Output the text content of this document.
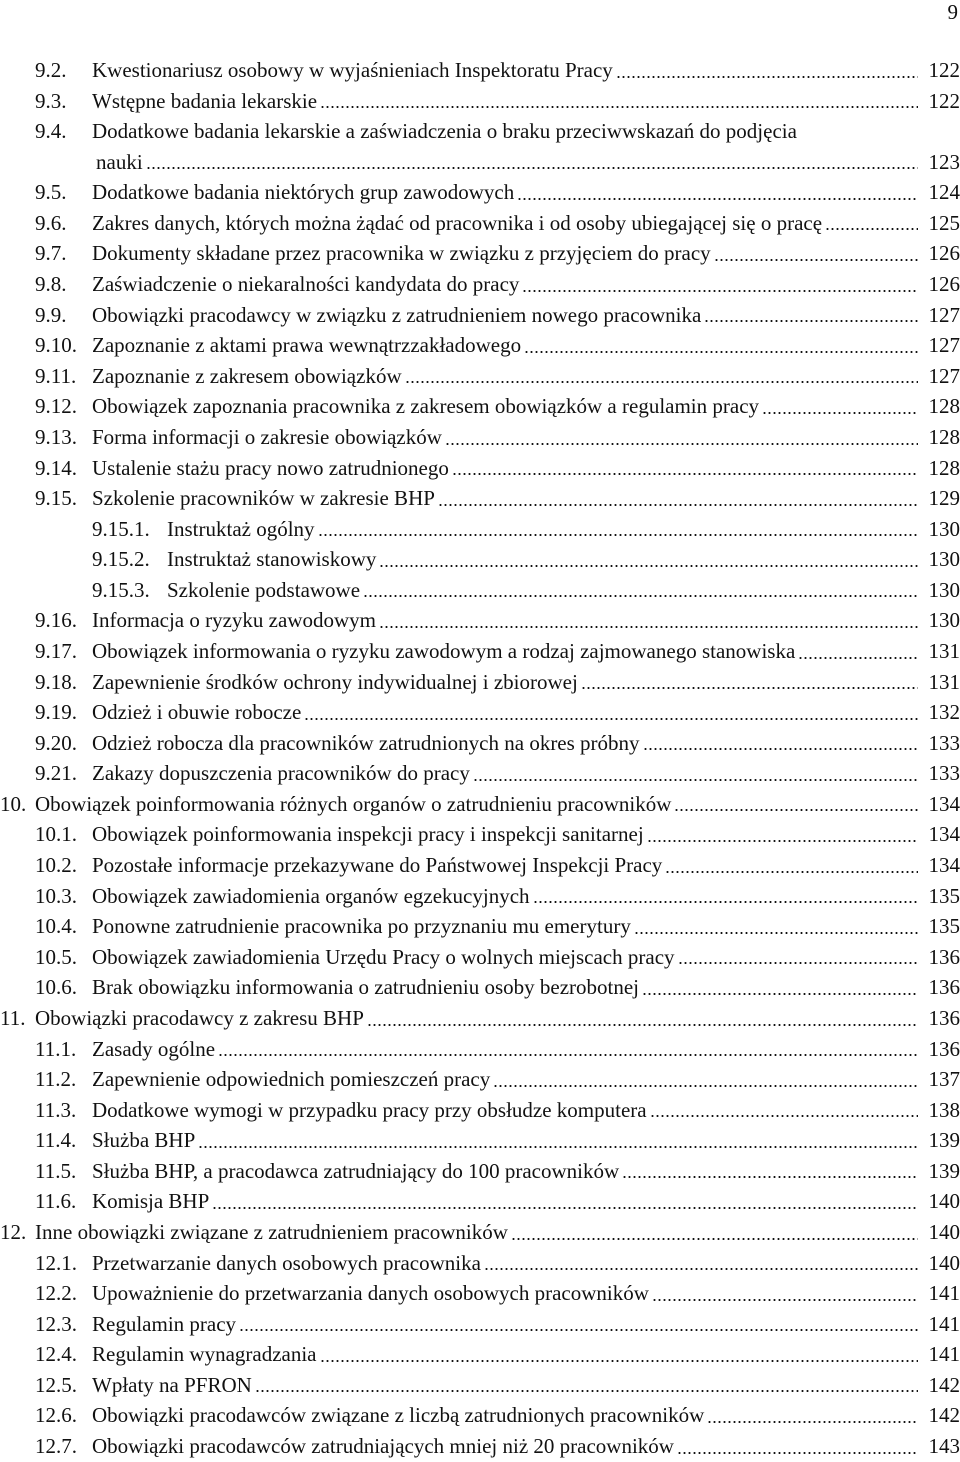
9
9.2. Kwestionariusz osobowy w wyjaśnieniach Inspektoratu Pracy	122
9.3. Wstępne badania lekarskie	122
9.4. Dodatkowe badania lekarskie a zaświadczenia o braku przeciwwskazań do podjęcia
nauki	123
9.5. Dodatkowe badania niektórych grup zawodowych	124
9.6. Zakres danych, których można żądać od pracownika i od osoby ubiegającej się o pracę	125
9.7. Dokumenty składane przez pracownika w związku z przyjęciem do pracy	126
9.8. Zaświadczenie o niekaralności kandydata do pracy	126
9.9. Obowiązki pracodawcy w związku z zatrudnieniem nowego pracownika	127
9.10. Zapoznanie z aktami prawa wewnątrzzakładowego	127
9.11. Zapoznanie z zakresem obowiązków	127
9.12. Obowiązek zapoznania pracownika z zakresem obowiązków a regulamin pracy	128
9.13. Forma informacji o zakresie obowiązków	128
9.14. Ustalenie stażu pracy nowo zatrudnionego	128
9.15. Szkolenie pracowników w zakresie BHP	129
9.15.1. Instruktaż ogólny	130
9.15.2. Instruktaż stanowiskowy	130
9.15.3. Szkolenie podstawowe	130
9.16. Informacja o ryzyku zawodowym	130
9.17. Obowiązek informowania o ryzyku zawodowym a rodzaj zajmowanego stanowiska	131
9.18. Zapewnienie środków ochrony indywidualnej i zbiorowej	131
9.19. Odzież i obuwie robocze	132
9.20. Odzież robocza dla pracowników zatrudnionych na okres próbny	133
9.21. Zakazy dopuszczenia pracowników do pracy	133
10. Obowiązek poinformowania różnych organów o zatrudnieniu pracowników	134
10.1. Obowiązek poinformowania inspekcji pracy i inspekcji sanitarnej	134
10.2. Pozostałe informacje przekazywane do Państwowej Inspekcji Pracy	134
10.3. Obowiązek zawiadomienia organów egzekucyjnych	135
10.4. Ponowne zatrudnienie pracownika po przyznaniu mu emerytury	135
10.5. Obowiązek zawiadomienia Urzędu Pracy o wolnych miejscach pracy	136
10.6. Brak obowiązku informowania o zatrudnieniu osoby bezrobotnej	136
11. Obowiązki pracodawcy z zakresu BHP	136
11.1. Zasady ogólne	136
11.2. Zapewnienie odpowiednich pomieszczeń pracy	137
11.3. Dodatkowe wymogi w przypadku pracy przy obsłudze komputera	138
11.4. Służba BHP	139
11.5. Służba BHP, a pracodawca zatrudniający do 100 pracowników	139
11.6. Komisja BHP	140
12. Inne obowiązki związane z zatrudnieniem pracowników	140
12.1. Przetwarzanie danych osobowych pracownika	140
12.2. Upoważnienie do przetwarzania danych osobowych pracowników	141
12.3. Regulamin pracy	141
12.4. Regulamin wynagradzania	141
12.5. Wpłaty na PFRON	142
12.6. Obowiązki pracodawców związane z liczbą zatrudnionych pracowników	142
12.7. Obowiązki pracodawców zatrudniających mniej niż 20 pracowników	143
